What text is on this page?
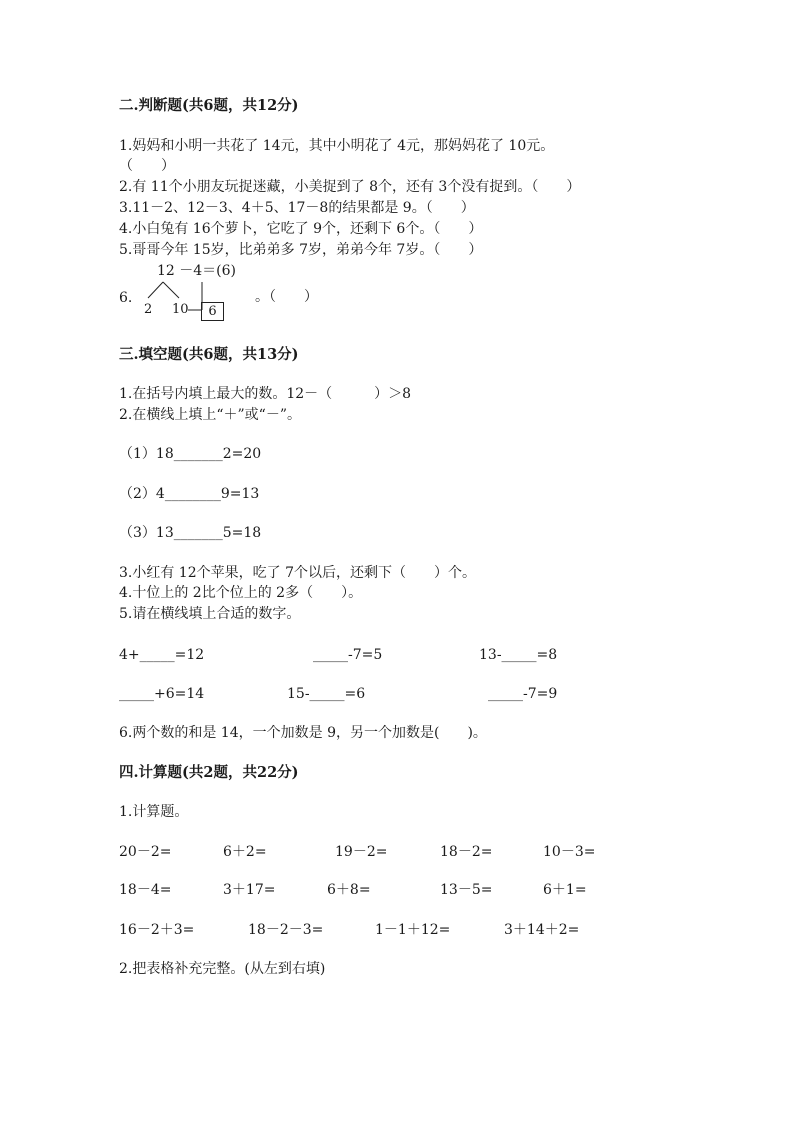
二.判断题(共6题，共12分)
1.妈妈和小明一共花了 14元，其中小明花了 4元，那妈妈花了 10元。
（　　）
2.有 11个小朋友玩捉迷藏，小美捉到了 8个，还有 3个没有捉到。（　　）
3.11－2、12－3、4＋5、17－8的结果都是 9。（　　）
4.小白兔有 16个萝卜，它吃了 9个，还剩下 6个。（　　）
5.哥哥今年 15岁，比弟弟多 7岁，弟弟今年 7岁。（　　）
12 －4＝(6)
6.
2 10	6
。（　　）
三.填空题(共6题，共13分)
1.在括号内填上最大的数。12－（　　　）＞8
2.在横线上填上“＋”或“－”。
（1）18_______2=20
（2）4________9=13
（3）13_______5=18
3.小红有 12个苹果，吃了 7个以后，还剩下（　　）个。
4.十位上的 2比个位上的 2多（　　）。
5.请在横线填上合适的数字。
4+_____=12	_____-7=5	13-_____=8
_____+6=14	15-_____=6	_____-7=9
6.两个数的和是 14，一个加数是 9，另一个加数是(　　)。
四.计算题(共2题，共22分)
1.计算题。
20－2=	6＋2=	19－2=	18－2=	10－3=
18－4=	3＋17=	6＋8=	13－5=	6＋1=
16－2＋3=	18－2－3=	1－1＋12=	3＋14＋2=
2.把表格补充完整。(从左到右填)
